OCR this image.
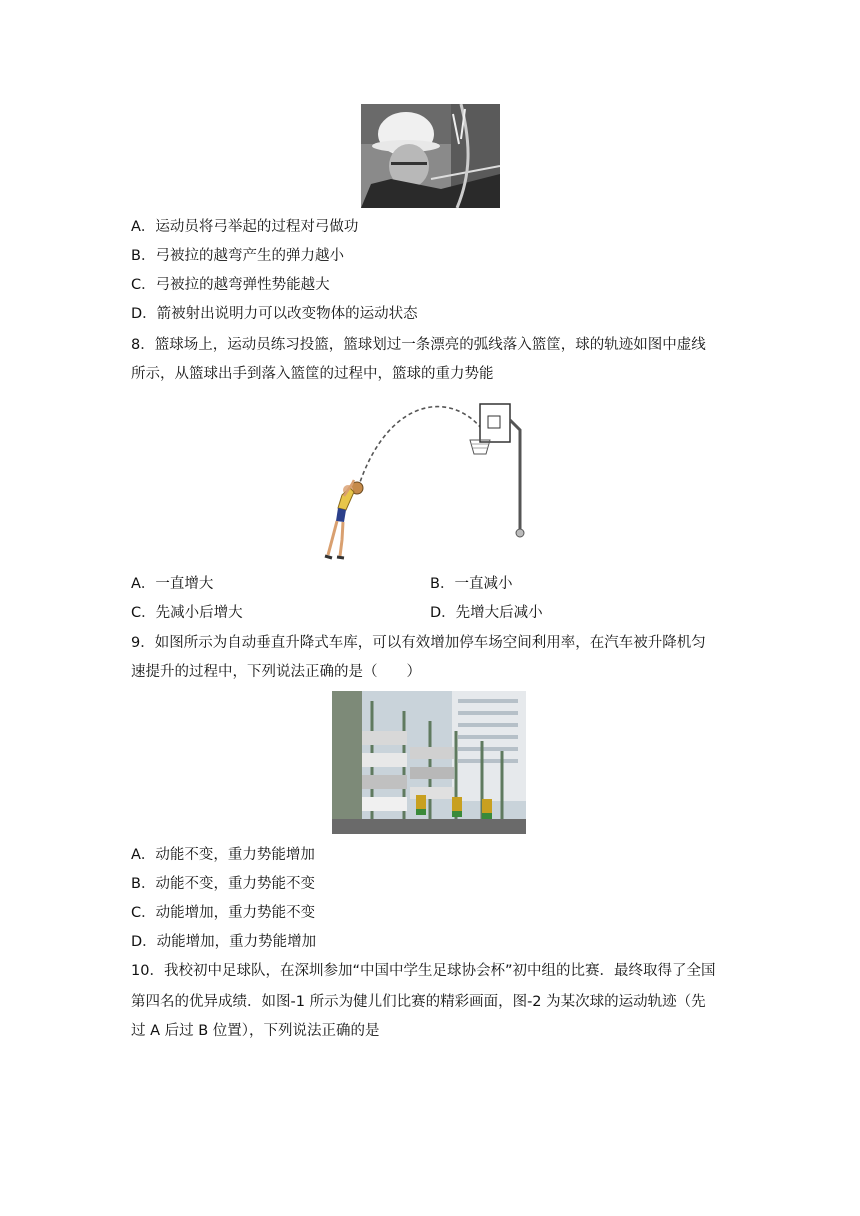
A．运动员将弓举起的过程对弓做功
B．弓被拉的越弯产生的弹力越小
C．弓被拉的越弯弹性势能越大
D．箭被射出说明力可以改变物体的运动状态
8．篮球场上，运动员练习投篮，篮球划过一条漂亮的弧线落入篮筐，球的轨迹如图中虚线
所示，从篮球出手到落入篮筐的过程中，篮球的重力势能
A．一直增大	B．一直减小
C．先减小后增大	D．先增大后减小
9．如图所示为自动垂直升降式车库，可以有效增加停车场空间利用率，在汽车被升降机匀
速提升的过程中，下列说法正确的是（　　）
A．动能不变，重力势能增加
B．动能不变，重力势能不变
C．动能增加，重力势能不变
D．动能增加，重力势能增加
10．我校初中足球队，在深圳参加“中国中学生足球协会杯”初中组的比赛．最终取得了全国
第四名的优异成绩．如图-1 所示为健儿们比赛的精彩画面，图-2 为某次球的运动轨迹（先
过 A 后过 B 位置），下列说法正确的是
